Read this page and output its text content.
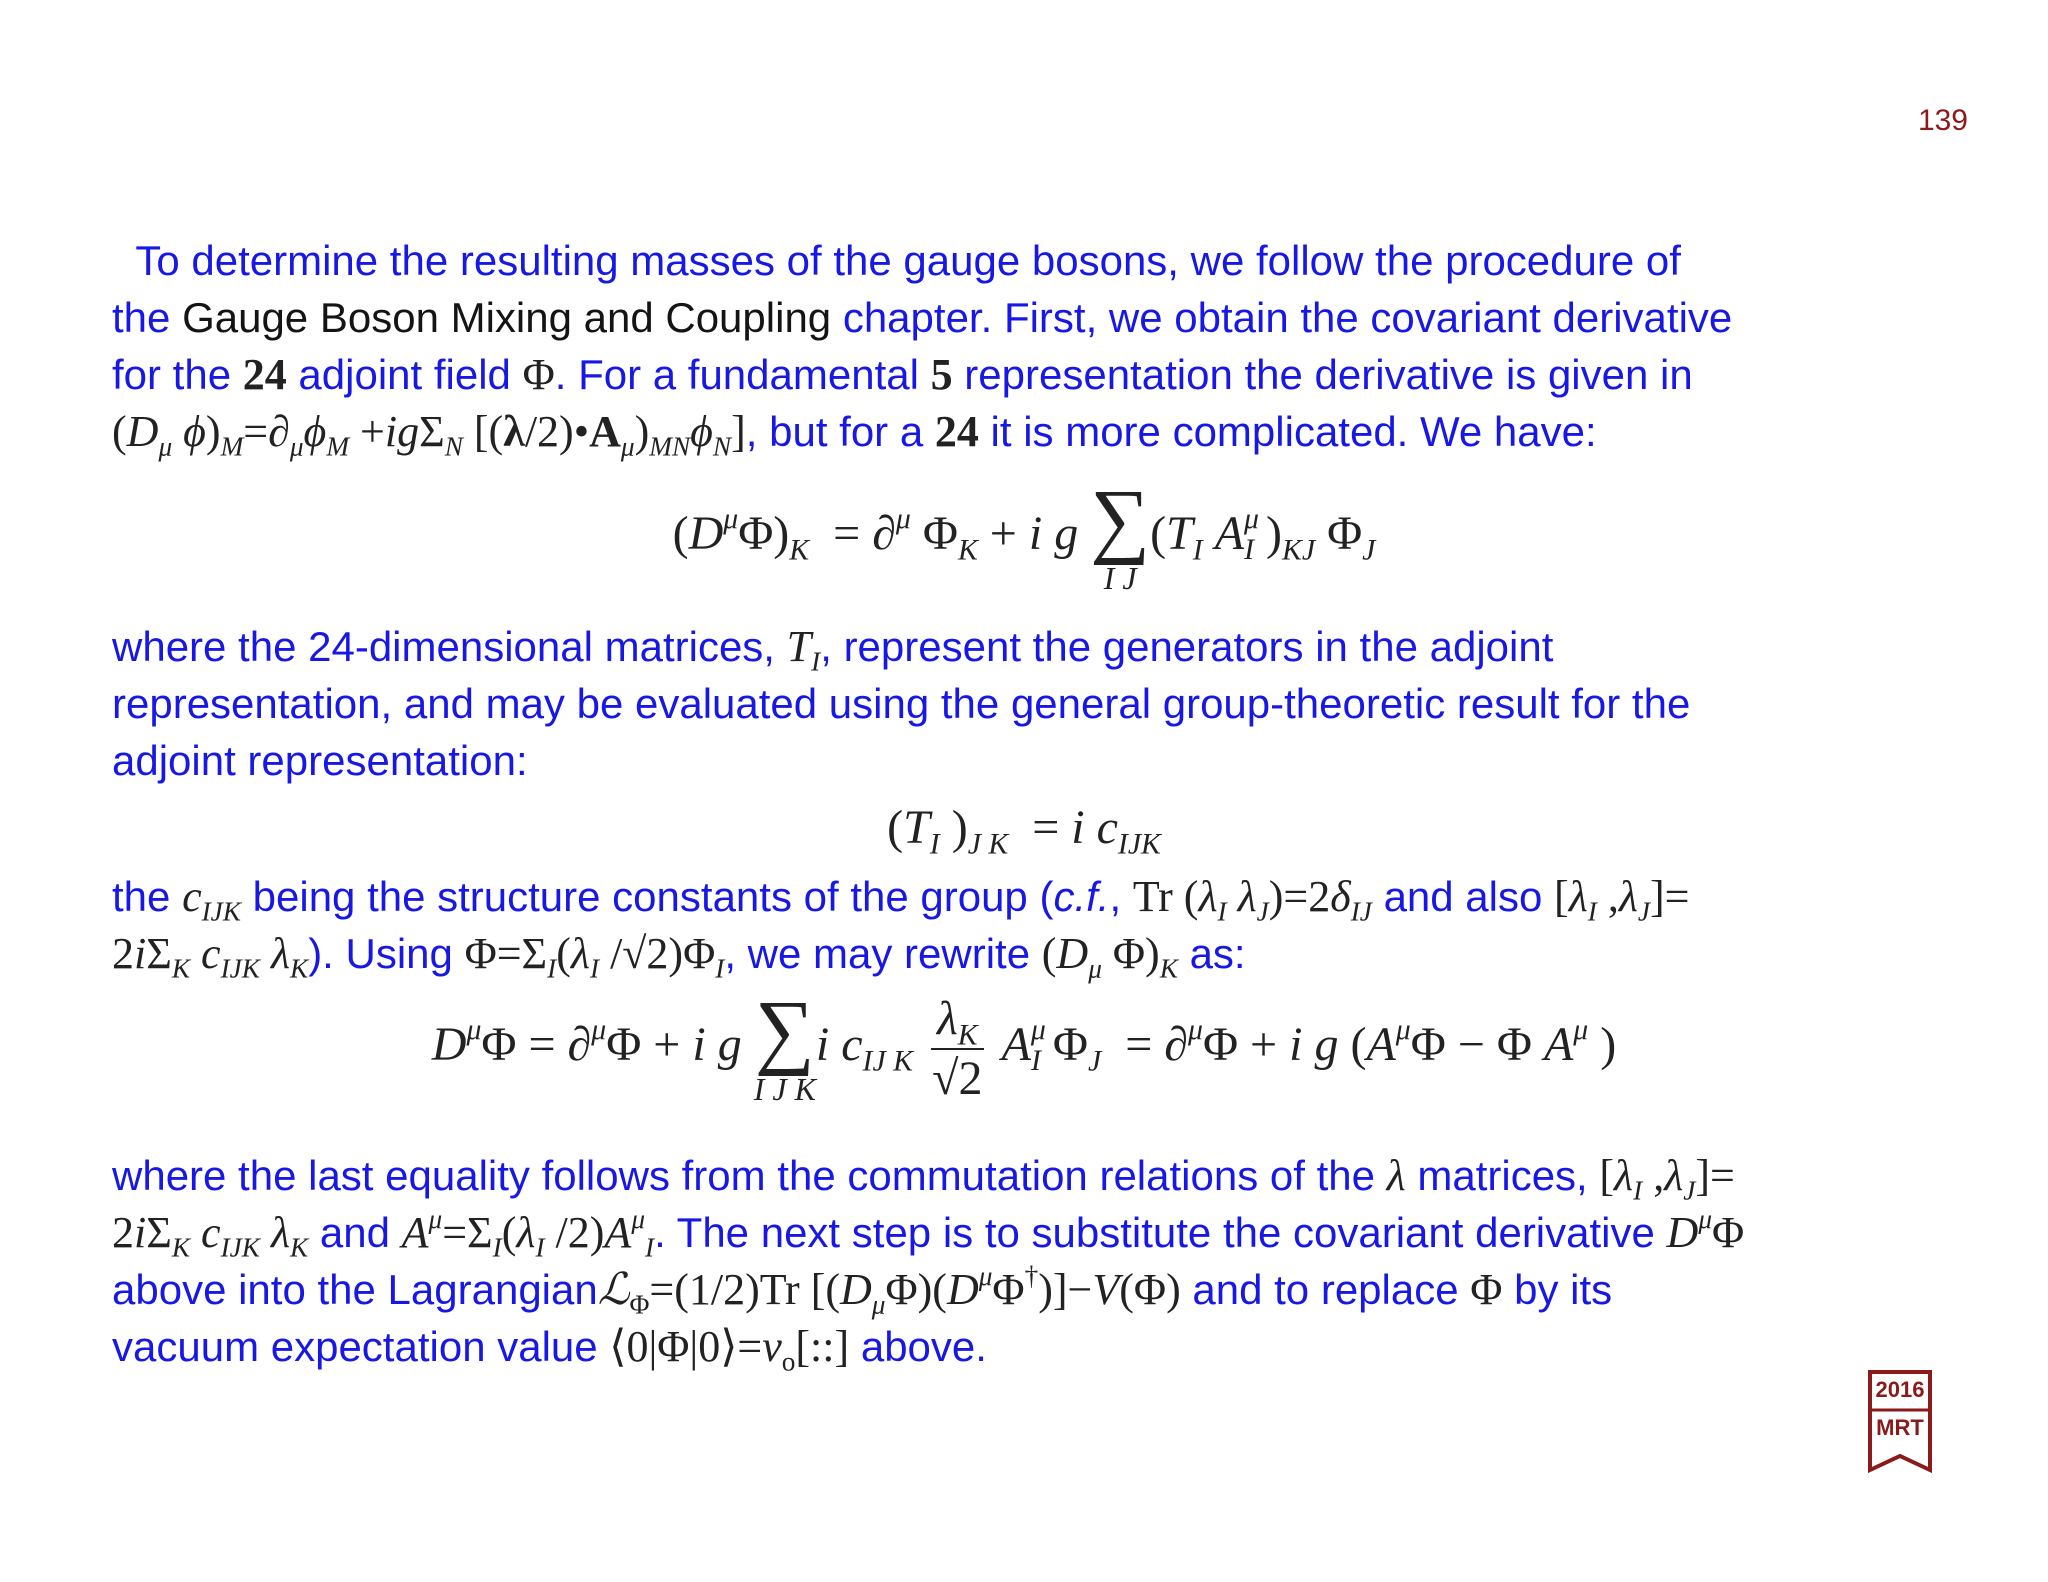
139
To determine the resulting masses of the gauge bosons, we follow the procedure of
the Gauge Boson Mixing and Coupling chapter. First, we obtain the covariant derivative
for the 24 adjoint field Φ. For a fundamental 5 representation the derivative is given in
($D_\mu$ $\phi)_M=\partial_\mu\phi_M +ig\Sigma_N$ $[(\lambda/2)•A_\mu)_{MN}\phi_N$], but for a 24 it is more complicated. We have:
$(D^\mu\Phi)_K = \partial^\mu$ $\Phi_K + i$ g ∑
I J
($T_I$ $A^\mu_I$ )$_{KJ}$ $\Phi_J$
where the 24-dimensional matrices, $T_I$, represent the generators in the adjoint
representation, and may be evaluated using the general group-theoretic result for the
adjoint representation:
($T_I$ )$_{J K} = i$ $c_{IJK}$
the $c_{IJK}$ being the structure constants of the group (c.f., Tr ($\lambda_I$ $\lambda_J)=2\delta_{IJ}$ and also [$\lambda_I$ $,\lambda_J]=$
$2i\Sigma_K$ $c_{IJK}$ $\lambda_K$). Using $\Phi=\Sigma_I(\lambda_I$ $/√2)\Phi_I$, we may rewrite ($D_\mu$ $\Phi)_K$ as:
$D^\mu\Phi = \partial^\mu\Phi + i$ g ∑
I J K
i $c_{IJ K} \frac{\lambda_K}{√2} A^\mu_I$ $\Phi_J = \partial^\mu\Phi + i$ g ($A^\mu\Phi - \Phi$ $A^\mu$ )
where the last equality follows from the commutation relations of the λ matrices, [$\lambda_I$ $,\lambda_J]=$
$2i\Sigma_K$ $c_{IJK}$ $\lambda_K$ and $A^\mu=\Sigma_I(\lambda_I$ $/2)A^\mu_I$. The next step is to substitute the covariant derivative $D^\mu\Phi$
above into the Lagrangianℒ$_\Phi$=(1/2)Tr $[(D_\mu\Phi)(D^\mu\Phi^\dagger)]-V(\Phi)$ and to replace Φ by its
vacuum expectation value $⟨0|\Phi|0⟩=v_o[::]$ above.
2016
MRT
